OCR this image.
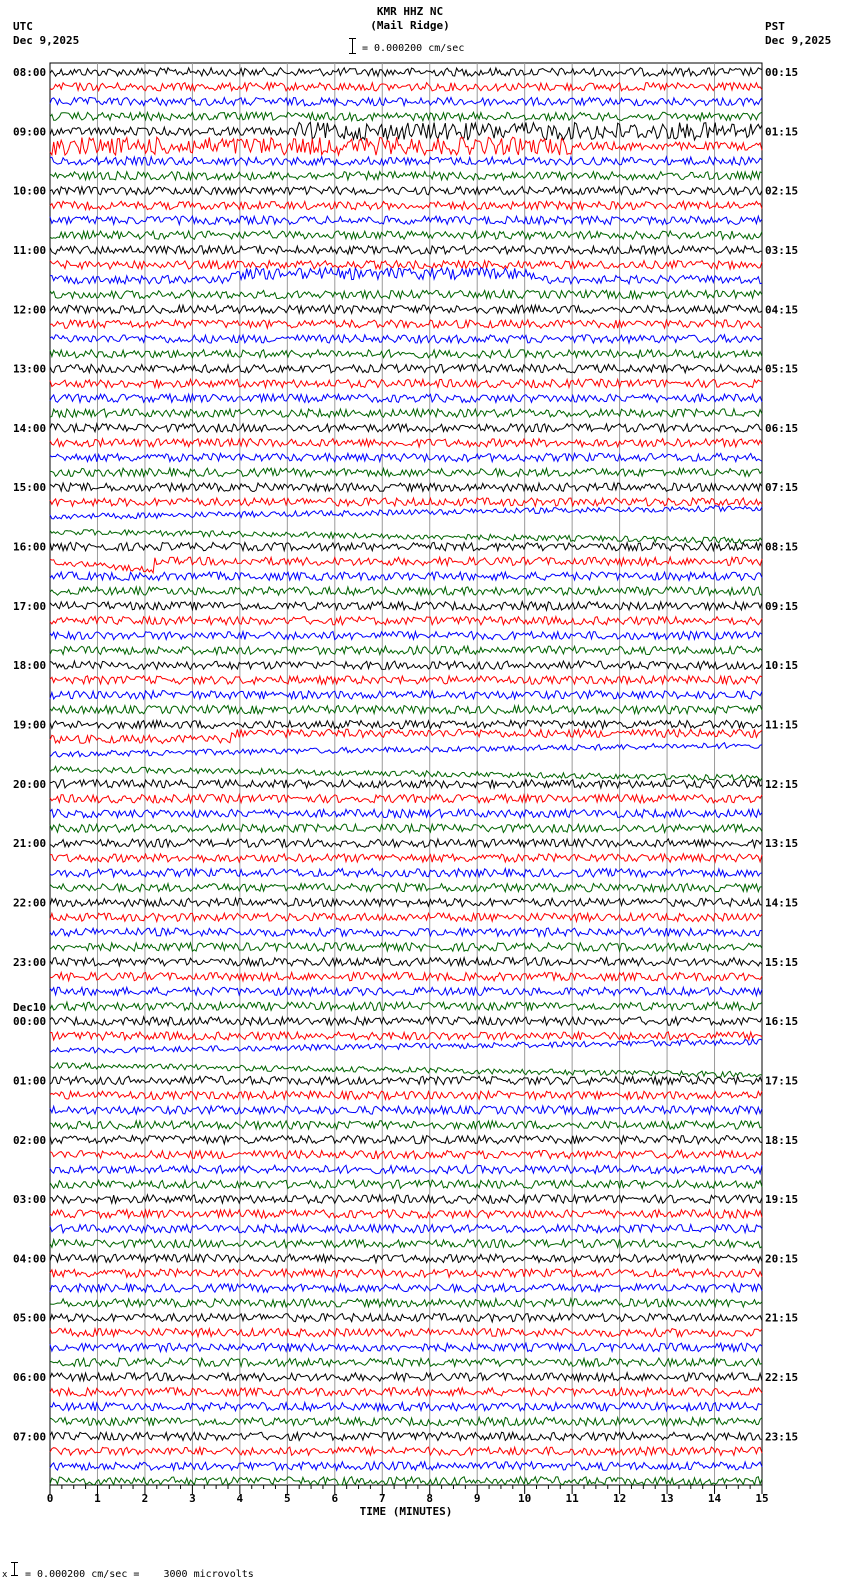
KMR HHZ NC
(Mail Ridge)
UTC
Dec 9,2025
PST
Dec 9,2025
= 0.000200 cm/sec
08:00
09:00
10:00
11:00
12:00
13:00
14:00
15:00
16:00
17:00
18:00
19:00
20:00
21:00
22:00
23:00
00:00
Dec10
01:00
02:00
03:00
04:00
05:00
06:00
07:00
00:15
01:15
02:15
03:15
04:15
05:15
06:15
07:15
08:15
09:15
10:15
11:15
12:15
13:15
14:15
15:15
16:15
17:15
18:15
19:15
20:15
21:15
22:15
23:15
0	1	2	3	4	5	6	7	8	9	10	11	12	13	14	15
TIME (MINUTES)
x = 0.000200 cm/sec =    3000 microvolts
